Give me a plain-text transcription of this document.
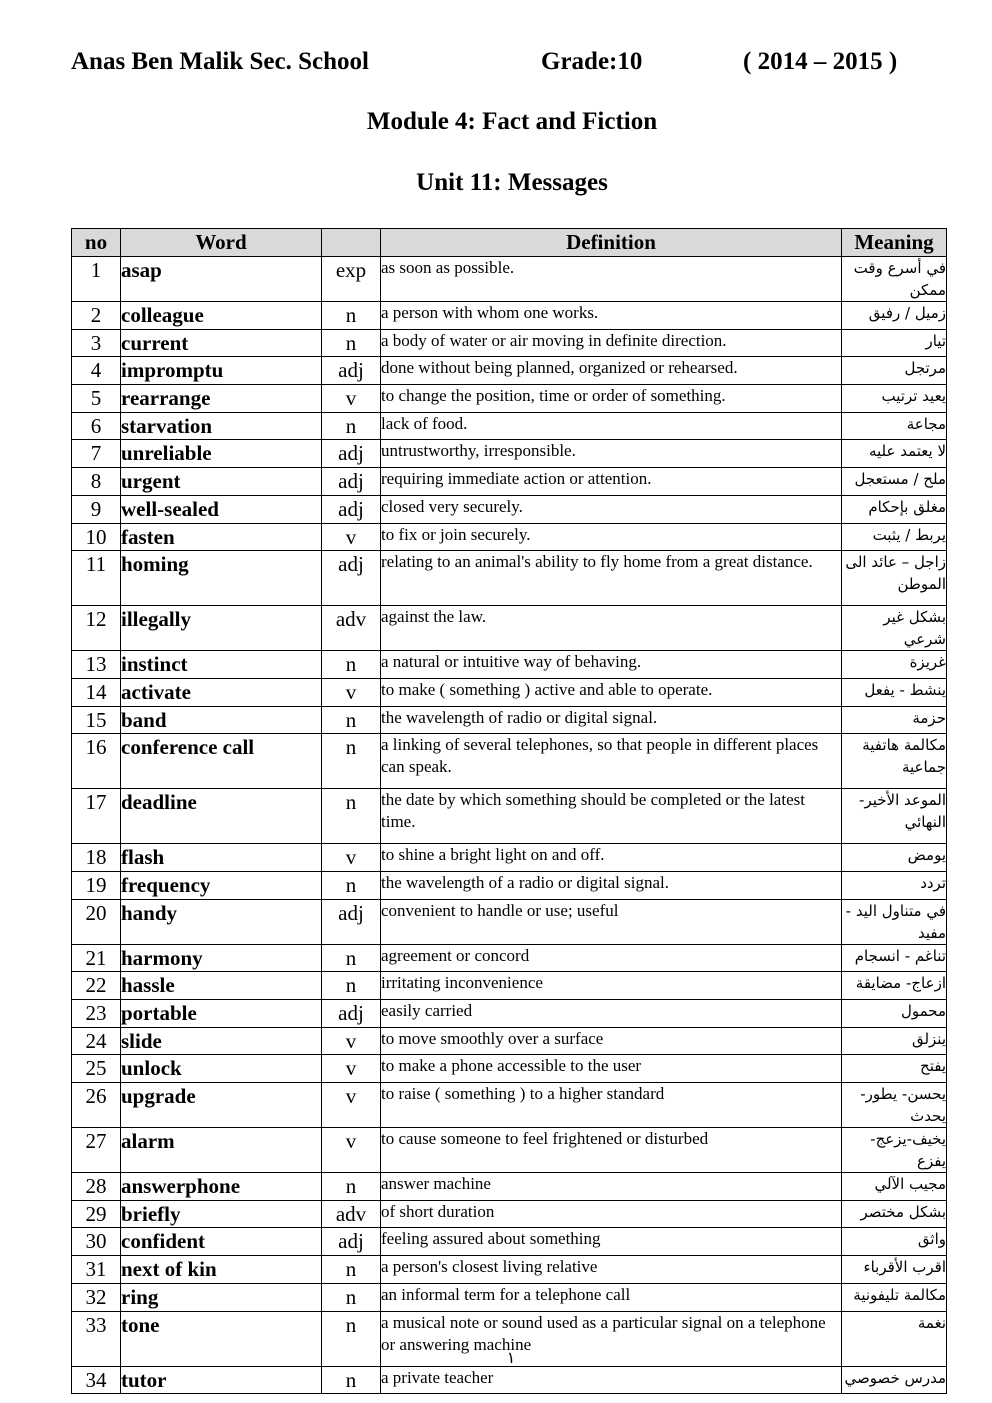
Anas Ben Malik Sec. School	Grade:10	( 2014 – 2015 )
Module 4: Fact and Fiction
Unit 11: Messages
no	Word		Definition	Meaning
1	asap	exp	as soon as possible.	في أسرع وقت ممكن
2	colleague	n	a person with whom one works.	زميل / رفيق
3	current	n	a body of water or air moving in definite direction.	تيار
4	impromptu	adj	done without being planned, organized or rehearsed.	مرتجل
5	rearrange	v	to change the position, time or order of something.	يعيد ترتيب
6	starvation	n	lack of food.	مجاعة
7	unreliable	adj	untrustworthy, irresponsible.	لا يعتمد عليه
8	urgent	adj	requiring immediate action or attention.	ملح / مستعجل
9	well-sealed	adj	closed very securely.	مغلق بإحكام
10	fasten	v	to fix or join securely.	يربط / يثبت
11	homing	adj	relating to an animal's ability to fly home from a great distance.	زاجل – عائد الى الموطن
12	illegally	adv	against the law.	بشكل غير شرعي
13	instinct	n	a natural or intuitive way of behaving.	غريزة
14	activate	v	to make ( something ) active and able to operate.	ينشط - يفعل
15	band	n	the wavelength of radio or digital signal.	حزمة
16	conference call	n	a linking of several telephones, so that people in different places can speak.	مكالمة هاتفية جماعية
17	deadline	n	the date by which something should be completed or the latest time.	الموعد الأخير- النهائي
18	flash	v	to shine a bright light on and off.	يومض
19	frequency	n	the wavelength of a radio or digital signal.	تردد
20	handy	adj	convenient to handle or use; useful	في متناول اليد - مفيد
21	harmony	n	agreement or concord	تناغم - انسجام
22	hassle	n	irritating inconvenience	ازعاج- مضايقة
23	portable	adj	easily carried	محمول
24	slide	v	to move smoothly over a surface	ينزلق
25	unlock	v	to make a phone accessible to the user	يفتح
26	upgrade	v	to raise ( something ) to a higher standard	يحسن- يطور- يحدث
27	alarm	v	to cause someone to feel frightened or disturbed	يخيف-يزعج- يفزع
28	answerphone	n	answer machine	مجيب الآلي
29	briefly	adv	of short duration	بشكل مختصر
30	confident	adj	feeling assured about something	واثق
31	next of kin	n	a person's closest living relative	اقرب الأقرباء
32	ring	n	an informal term for a telephone call	مكالمة تليفونية
33	tone	n	a musical note or sound used as a particular signal on a telephone or answering machine	نغمة
34	tutor	n	a private teacher	مدرس خصوصي
١
